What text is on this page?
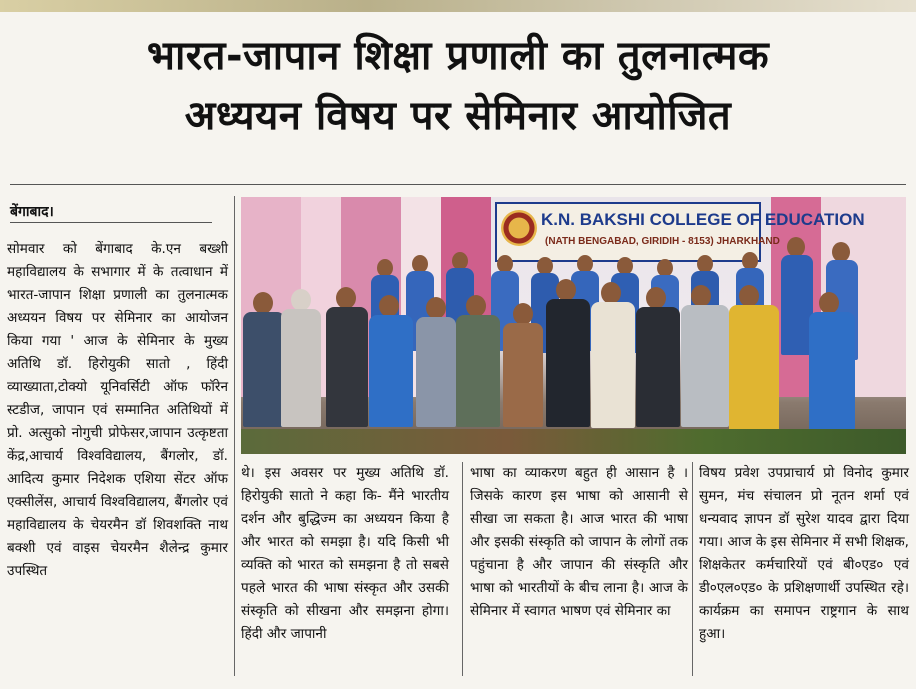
भारत-जापान शिक्षा प्रणाली का तुलनात्मक
अध्ययन विषय पर सेमिनार आयोजित
बेंगाबाद।	K.N. BAKSHI COLLEGE OF EDUCATION
(NATH BENGABAD, GIRIDIH - 8153) JHARKHAND

सोमवार को बेंगाबाद के.एन बख्शी महाविद्यालय के सभागार में के तत्वाधान में भारत-जापान शिक्षा प्रणाली का तुलनात्मक अध्ययन विषय पर सेमिनार का आयोजन किया गया ' आज के सेमिनार के मुख्य अतिथि डॉ. हिरोयुकी सातो , हिंदी व्याख्याता,टोक्यो यूनिवर्सिटी ऑफ फॉरेन स्टडीज, जापान एवं सम्मानित अतिथियों में प्रो. अत्सुको नोगुची प्रोफेसर,जापान उत्कृष्टता केंद्र,आचार्य विश्वविद्यालय, बैंगलोर, डॉ. आदित्य कुमार निदेशक एशिया सेंटर ऑफ एक्सीलेंस, आचार्य विश्वविद्यालय, बैंगलोर एवं महाविद्यालय के चेयरमैन डॉ शिवशक्ति नाथ बक्शी एवं वाइस चेयरमैन शैलेन्द्र कुमार उपस्थित

थे। इस अवसर पर मुख्य अतिथि डॉ. हिरोयुकी सातो ने कहा कि- मैंने भारतीय दर्शन और बुद्धिज्म का अध्ययन किया है और भारत को समझा है। यदि किसी भी व्यक्ति को भारत को समझना है तो सबसे पहले भारत की भाषा संस्कृत और उसकी संस्कृति को सीखना और समझना होगा। हिंदी और जापानी

भाषा का व्याकरण बहुत ही आसान है । जिसके कारण इस भाषा को आसानी से सीखा जा सकता है। आज भारत की भाषा और इसकी संस्कृति को जापान के लोगों तक पहुंचाना है और जापान की संस्कृति और भाषा को भारतीयों के बीच लाना है। आज के सेमिनार में स्वागत भाषण एवं सेमिनार का

विषय प्रवेश उपप्राचार्य प्रो विनोद कुमार सुमन, मंच संचालन प्रो नूतन शर्मा एवं धन्यवाद ज्ञापन डॉ सुरेश यादव द्वारा दिया गया। आज के इस सेमिनार में सभी शिक्षक, शिक्षकेतर कर्मचारियों एवं बी०एड० एवं डी०एल०एड० के प्रशिक्षणार्थी उपस्थित रहे। कार्यक्रम का समापन राष्ट्रगान के साथ हुआ।
